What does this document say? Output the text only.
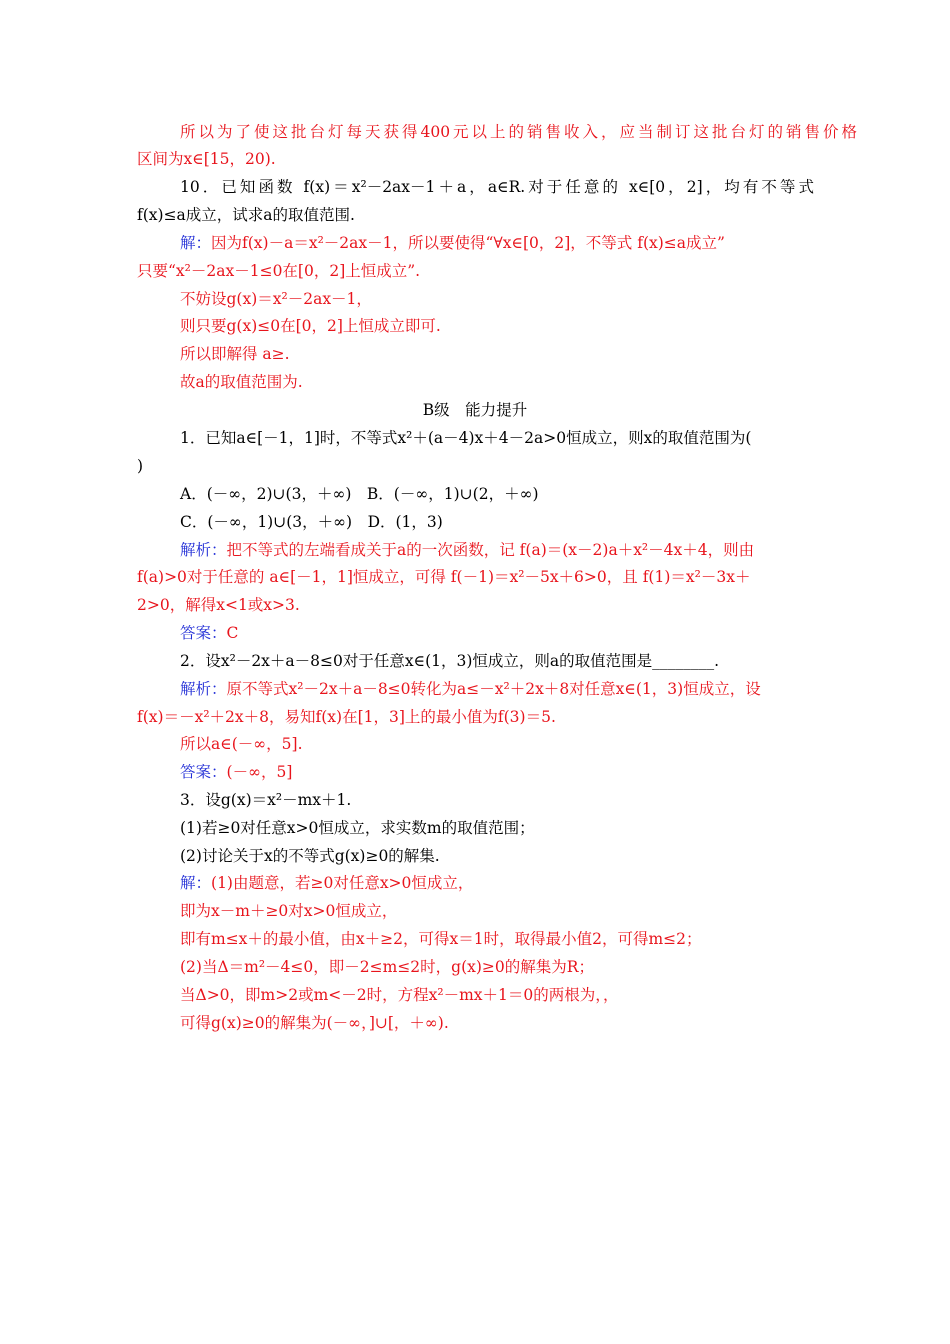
所以为了使这批台灯每天获得400元以上的销售收入，应当制订这批台灯的销售价格
区间为x∈[15，20).
10．已知函数 f(x)＝x²－2ax－1＋a，a∈R.对于任意的 x∈[0，2]，均有不等式
f(x)≤a成立，试求a的取值范围.
解：因为f(x)－a＝x²－2ax－1，所以要使得“∀x∈[0，2]，不等式 f(x)≤a成立”
只要“x²－2ax－1≤0在[0，2]上恒成立”.
不妨设g(x)＝x²－2ax－1，
则只要g(x)≤0在[0，2]上恒成立即可.
所以即解得 a≥.
故a的取值范围为.
B级　能力提升
1．已知a∈[－1，1]时，不等式x²＋(a－4)x＋4－2a>0恒成立，则x的取值范围为(
)
A．(－∞，2)∪(3，＋∞)　B．(－∞，1)∪(2，＋∞)
C．(－∞，1)∪(3，＋∞)　D．(1，3)
解析：把不等式的左端看成关于a的一次函数，记 f(a)＝(x－2)a＋x²－4x＋4，则由
f(a)>0对于任意的 a∈[－1，1]恒成立，可得 f(－1)＝x²－5x＋6>0，且 f(1)＝x²－3x＋
2>0，解得x<1或x>3.
答案：C
2．设x²－2x＋a－8≤0对于任意x∈(1，3)恒成立，则a的取值范围是________.
解析：原不等式x²－2x＋a－8≤0转化为a≤－x²＋2x＋8对任意x∈(1，3)恒成立，设
f(x)＝－x²＋2x＋8，易知f(x)在[1，3]上的最小值为f(3)＝5.
所以a∈(－∞，5].
答案：(－∞，5]
3．设g(x)＝x²－mx＋1.
(1)若≥0对任意x>0恒成立，求实数m的取值范围；
(2)讨论关于x的不等式g(x)≥0的解集.
解：(1)由题意，若≥0对任意x>0恒成立，
即为x－m＋≥0对x>0恒成立，
即有m≤x＋的最小值，由x＋≥2，可得x＝1时，取得最小值2，可得m≤2；
(2)当Δ＝m²－4≤0，即－2≤m≤2时，g(x)≥0的解集为R；
当Δ>0，即m>2或m<－2时，方程x²－mx＋1＝0的两根为，，
可得g(x)≥0的解集为(－∞，]∪[，＋∞).
